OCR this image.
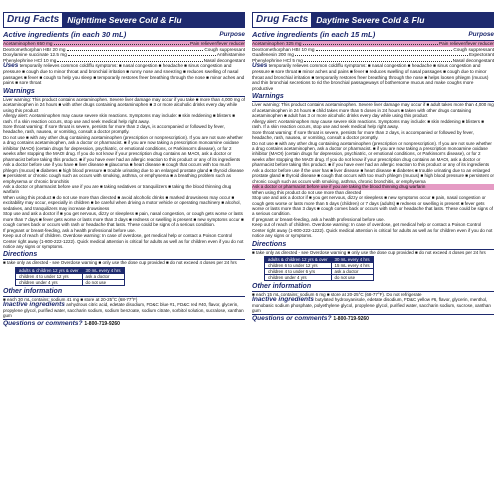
Drug Facts Nighttime Severe Cold & Flu
Active ingredients (in each 30 mL)	Purpose
Acetaminophen 650 mg	Pain reliever/fever reducer
Dextromethorphan HBr 20 mg	Cough suppressant
Doxylamine succinate 12.5 mg	Antihistamine
Phenylephrine HCl 10 mg	Nasal decongestant
Uses temporarily relieves common cold/flu symptoms: ■ nasal congestion ■ headache ■ sinus congestion and pressure ■ cough due to minor throat and bronchial irritation ■ runny nose and sneezing ■ reduces swelling of nasal passages ■ fever ■ cough to help you sleep ■ temporarily restores freer breathing through the nose ■ minor aches and pains ■ sore throat
Warnings

Liver warning: This product contains acetaminophen. Severe liver damage may occur if you take ■ more than 4,000 mg of acetaminophen in 24 hours ■ with other drugs containing acetaminophen ■ 3 or more alcoholic drinks every day while using this product

Allergy alert: Acetaminophen may cause severe skin reactions. Symptoms may include: ■ skin reddening ■ blisters ■ rash. If a skin reaction occurs, stop use and seek medical help right away.

Sore throat warning: If sore throat is severe, persists for more than 2 days, is accompanied or followed by fever, headache, rash, nausea, or vomiting, consult a doctor promptly.

Do not use ■ with any other drug containing acetaminophen (prescription or nonprescription). If you are not sure whether a drug contains acetaminophen, ask a doctor or pharmacist. ■ if you are now taking a prescription monoamine oxidase inhibitor (MAOI) (certain drugs for depression, psychiatric, or emotional conditions, or Parkinson's disease), or for 2 weeks after stopping the MAOI drug. If you do not know if your prescription drug contains an MAOI, ask a doctor or pharmacist before taking this product. ■ if you have ever had an allergic reaction to this product or any of its ingredients

Ask a doctor before use if you have ■ liver disease ■ glaucoma ■ heart disease ■ cough that occurs with too much phlegm (mucus) ■ diabetes ■ high blood pressure ■ trouble urinating due to an enlarged prostate gland ■ thyroid disease ■ persistent or chronic cough such as occurs with smoking, asthma, or emphysema ■ a breathing problem such as emphysema or chronic bronchitis

Ask a doctor or pharmacist before use if you are ■ taking sedatives or tranquilizers ■ taking the blood thinning drug warfarin

When using this product ■ do not use more than directed ■ avoid alcoholic drinks ■ marked drowsiness may occur ■ excitability may occur, especially in children ■ be careful when driving a motor vehicle or operating machinery ■ alcohol, sedatives, and tranquilizers may increase drowsiness

Stop use and ask a doctor if ■ you get nervous, dizzy or sleepless ■ pain, nasal congestion, or cough gets worse or lasts more than 7 days ■ fever gets worse or lasts more than 3 days ■ redness or swelling is present ■ new symptoms occur ■ cough comes back or occurs with rash or headache that lasts. These could be signs of a serious condition.

If pregnant or breast-feeding, ask a health professional before use.

Keep out of reach of children. Overdose warning: In case of overdose, get medical help or contact a Poison Control Center right away (1-800-222-1222). Quick medical attention is critical for adults as well as for children even if you do not notice any signs or symptoms.

Directions
■ take only as directed - see Overdose warning ■ only use the dose cup provided ■ do not exceed 4 doses per 24 hrs
adults & children 12 yrs & over	30 mL every 4 hrs
children 4 to under 12 yrs	ask a doctor
children under 4 yrs	do not use
Other information
■ each 30 mL contains: sodium 41 mg ■ store at 20-25°C (68-77°F)
Inactive ingredients anhydrous citric acid, edetate disodium, FD&C blue #1, FD&C red #40, flavor, glycerin, propylene glycol, purified water, saccharin sodium, sodium benzoate, sodium citrate, sorbitol solution, sucralose, xanthan gum
Questions or comments? 1-800-719-9260
Drug Facts Daytime Severe Cold & Flu
Active ingredients (in each 15 mL)	Purpose
Acetaminophen 325 mg	Pain reliever/fever reducer
Dextromethorphan HBr 10 mg	Cough suppressant
Guaifenesin 200 mg	Expectorant
Phenylephrine HCl 5 mg	Nasal decongestant
Uses temporarily relieves common cold/flu symptoms: ■ nasal congestion ■ headache ■ sinus congestion and pressure ■ sore throat ■ minor aches and pains ■ fever ■ reduces swelling of nasal passages ■ cough due to minor throat and bronchial irritation ■ temporarily restores freer breathing through the nose ■ helps loosen phlegm (mucus) and thin bronchial secretions to rid the bronchial passageways of bothersome mucus and make coughs more productive
Warnings

Liver warning: This product contains acetaminophen. Severe liver damage may occur if ■ adult takes more than 4,000 mg of acetaminophen in 24 hours ■ child takes more than 5 doses in 24 hours ■ taken with other drugs containing acetaminophen ■ adult has 3 or more alcoholic drinks every day while using this product

Allergy alert: Acetaminophen may cause severe skin reactions. Symptoms may include: ■ skin reddening ■ blisters ■ rash. If a skin reaction occurs, stop use and seek medical help right away.

Sore throat warning: If sore throat is severe, persists for more than 2 days, is accompanied or followed by fever, headache, rash, nausea, or vomiting, consult a doctor promptly.

Do not use ■ with any other drug containing acetaminophen (prescription or nonprescription). If you are not sure whether a drug contains acetaminophen, ask a doctor or pharmacist. ■ if you are now taking a prescription monoamine oxidase inhibitor (MAOI) (certain drugs for depression, psychiatric, or emotional conditions, or Parkinson's disease), or for 2 weeks after stopping the MAOI drug. If you do not know if your prescription drug contains an MAOI, ask a doctor or pharmacist before taking this product. ■ if you have ever had an allergic reaction to this product or any of its ingredients

Ask a doctor before use if the user has ■ liver disease ■ heart disease ■ diabetes ■ trouble urinating due to an enlarged prostate gland ■ thyroid disease ■ cough that occurs with too much phlegm (mucus) ■ high blood pressure ■ persistent or chronic cough such as occurs with smoking, asthma, chronic bronchitis, or emphysema

Ask a doctor or pharmacist before use if you are taking the blood thinning drug warfarin

When using this product do not use more than directed

Stop use and ask a doctor if ■ you get nervous, dizzy or sleepless ■ new symptoms occur ■ pain, nasal congestion or cough gets worse or lasts more than 5 days (children) or 7 days (adults) ■ redness or swelling is present ■ fever gets worse or lasts more than 3 days ■ cough comes back or occurs with rash or headache that lasts. These could be signs of a serious condition.

If pregnant or breast-feeding, ask a health professional before use.

Keep out of reach of children. Overdose warning: In case of overdose, get medical help or contact a Poison Control Center right away (1-800-222-1222). Quick medical attention is critical for adults as well as for children even if you do not notice any signs or symptoms.

Directions
■ take only as directed - see Overdose warning ■ only use the dose cup provided ■ do not exceed 4 doses per 24 hrs
adults & children 12 yrs & over	30 mL every 4 hrs
children 6 to under 12 yrs	15 mL every 4 hrs
children 4 to under 6 yrs	ask a doctor
children under 4 yrs	do not use
Other information
■ each 15 mL contains: sodium 6 mg ■ store at 20-25°C (68-77°F). Do not refrigerate
Inactive ingredients butylated hydroxyanisole, edetate disodium, FD&C yellow #6, flavor, glycerin, menthol, monobasic sodium phosphate, polyethylene glycol, propylene glycol, purified water, saccharin sodium, sucrose, xanthan gum
Questions or comments? 1-800-719-9260
